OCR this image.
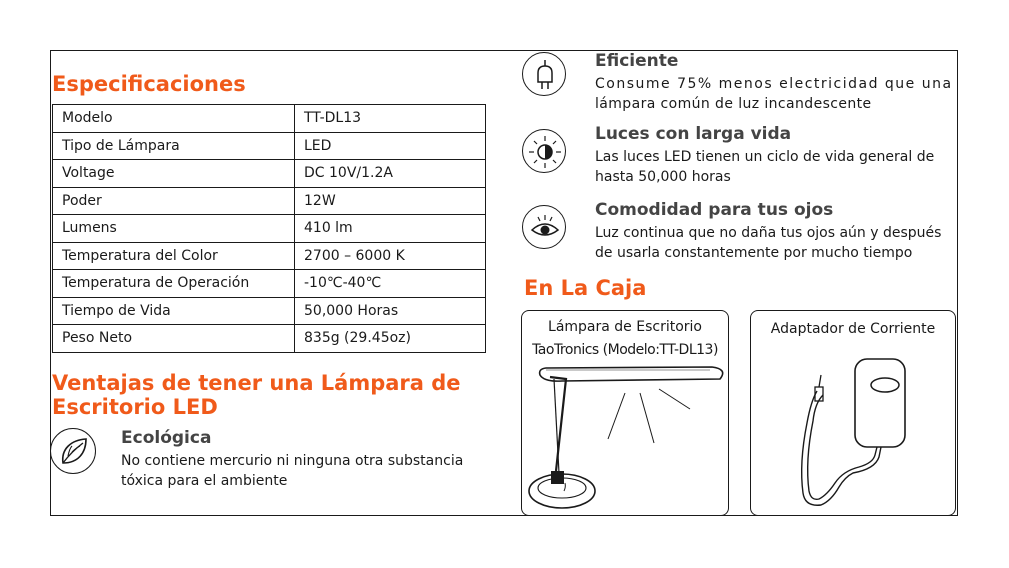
Especificaciones
Modelo	TT-DL13
Tipo de Lámpara	LED
Voltage	DC 10V/1.2A
Poder	12W
Lumens	410 lm
Temperatura del Color	2700 – 6000 K
Temperatura de Operación	-10℃-40℃
Tiempo de Vida	50,000 Horas
Peso Neto	835g (29.45oz)
Ventajas de tener una Lámpara de
Escritorio LED
Ecológica
No contiene mercurio ni ninguna otra substancia
tóxica para el ambiente
Eficiente
Consume 75% menos electricidad que una
lámpara común de luz incandescente
Luces con larga vida
Las luces LED tienen un ciclo de vida general de
hasta 50,000 horas
Comodidad para tus ojos
Luz continua que no daña tus ojos aún y después
de usarla constantemente por mucho tiempo
En La Caja
Lámpara de Escritorio
TaoTronics (Modelo:TT-DL13)
Adaptador de Corriente
